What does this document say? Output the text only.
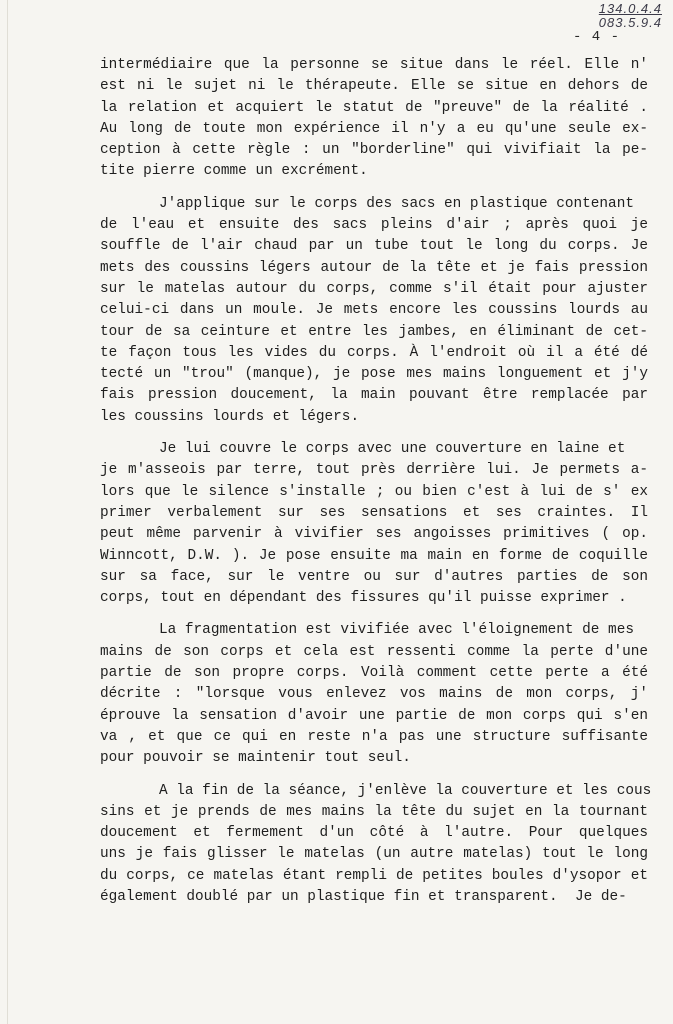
134.0.4.4
083.5.9.4
- 4 -
intermédiaire que la personne se situe dans le réel. Elle n'
est ni le sujet ni le thérapeute. Elle se situe en dehors de
la relation et acquiert le statut de "preuve" de la réalité .
Au long de toute mon expérience il n'y a eu qu'une seule ex-
ception à cette règle : un "borderline" qui vivifiait la pe-
tite pierre comme un excrément.
J'applique sur le corps des sacs en plastique contenant
de l'eau et ensuite des sacs pleins d'air ; après quoi je
souffle de l'air chaud par un tube tout le long du corps. Je
mets des coussins légers autour de la tête et je fais pression
sur le matelas autour du corps, comme s'il était pour ajuster
celui-ci dans un moule. Je mets encore les coussins lourds au
tour de sa ceinture et entre les jambes, en éliminant de cet-
te façon tous les vides du corps. À l'endroit où il a été dé
tecté un "trou" (manque), je pose mes mains longuement et j'y
fais pression doucement, la main pouvant être remplacée par
les coussins lourds et légers.
Je lui couvre le corps avec une couverture en laine et
je m'asseois par terre, tout près derrière lui. Je permets a-
lors que le silence s'installe ; ou bien c'est à lui de s' ex
primer verbalement sur ses sensations et ses craintes. Il
peut même parvenir à vivifier ses angoisses primitives ( op.
Winncott, D.W. ). Je pose ensuite ma main en forme de coquille
sur sa face, sur le ventre ou sur d'autres parties de son
corps, tout en dépendant des fissures qu'il puisse exprimer .
La fragmentation est vivifiée avec l'éloignement de mes
mains de son corps et cela est ressenti comme la perte d'une
partie de son propre corps. Voilà comment cette perte a été
décrite : "lorsque vous enlevez vos mains de mon corps, j'
éprouve la sensation d'avoir une partie de mon corps qui s'en
va , et que ce qui en reste n'a pas une structure suffisante
pour pouvoir se maintenir tout seul.
A la fin de la séance, j'enlève la couverture et les cous
sins et je prends de mes mains la tête du sujet en la tournant
doucement et fermement d'un côté à l'autre. Pour quelques
uns je fais glisser le matelas (un autre matelas) tout le long
du corps, ce matelas étant rempli de petites boules d'ysopor et
également doublé par un plastique fin et transparent.  Je de-
